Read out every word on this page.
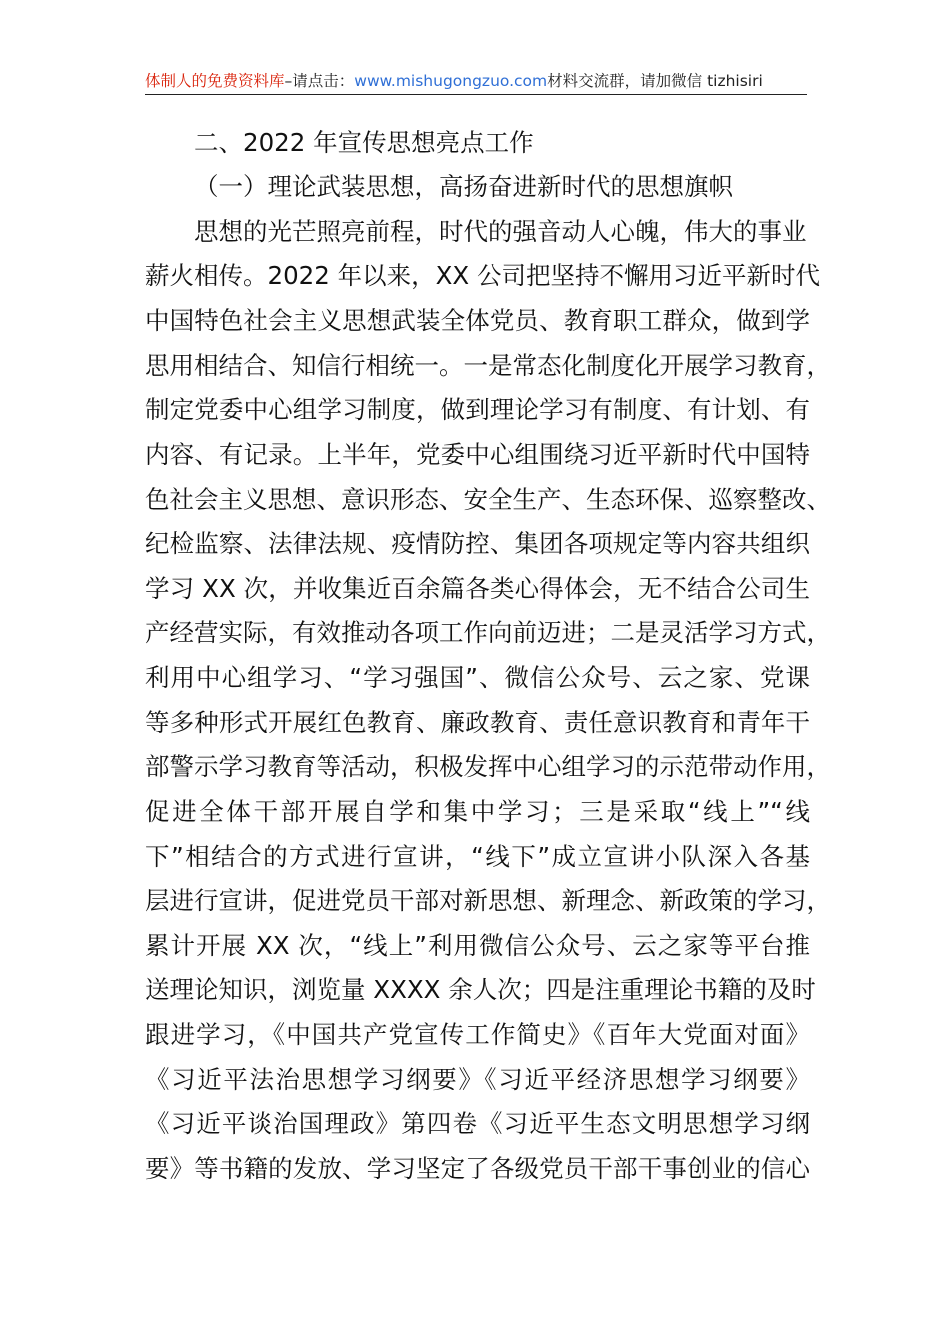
体制人的免费资料库–请点击：www.mishugongzuo.com材料交流群，请加微信 tizhisiri
二、2022 年宣传思想亮点工作
（一）理论武装思想，高扬奋进新时代的思想旗帜
思想的光芒照亮前程，时代的强音动人心魄，伟大的事业
薪火相传。2022 年以来，XX 公司把坚持不懈用习近平新时代
中国特色社会主义思想武装全体党员、教育职工群众，做到学
思用相结合、知信行相统一。一是常态化制度化开展学习教育，
制定党委中心组学习制度，做到理论学习有制度、有计划、有
内容、有记录。上半年，党委中心组围绕习近平新时代中国特
色社会主义思想、意识形态、安全生产、生态环保、巡察整改、
纪检监察、法律法规、疫情防控、集团各项规定等内容共组织
学习 XX 次，并收集近百余篇各类心得体会，无不结合公司生
产经营实际，有效推动各项工作向前迈进；二是灵活学习方式，
利用中心组学习、“学习强国”、微信公众号、云之家、党课
等多种形式开展红色教育、廉政教育、责任意识教育和青年干
部警示学习教育等活动，积极发挥中心组学习的示范带动作用，
促进全体干部开展自学和集中学习；三是采取“线上”“线
下”相结合的方式进行宣讲，“线下”成立宣讲小队深入各基
层进行宣讲，促进党员干部对新思想、新理念、新政策的学习，
累计开展 XX 次，“线上”利用微信公众号、云之家等平台推
送理论知识，浏览量 XXXX 余人次；四是注重理论书籍的及时
跟进学习，《中国共产党宣传工作简史》《百年大党面对面》
《习近平法治思想学习纲要》《习近平经济思想学习纲要》
《习近平谈治国理政》第四卷《习近平生态文明思想学习纲
要》等书籍的发放、学习坚定了各级党员干部干事创业的信心
